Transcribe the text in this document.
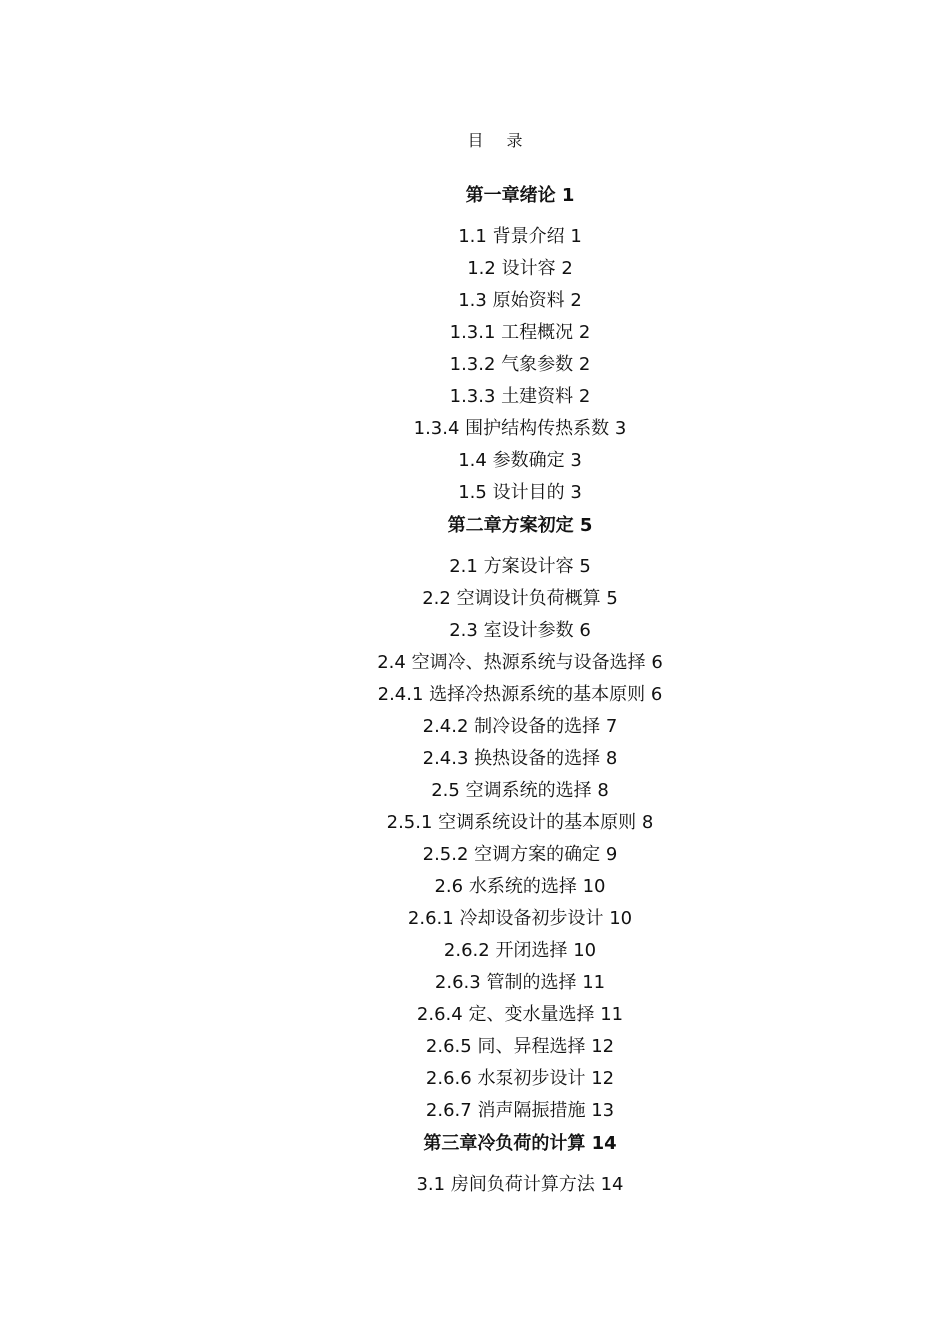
目 录
第一章绪论 1
1.1 背景介绍 1
1.2 设计容 2
1.3 原始资料 2
1.3.1 工程概况 2
1.3.2 气象参数 2
1.3.3 土建资料 2
1.3.4 围护结构传热系数 3
1.4 参数确定 3
1.5 设计目的 3
第二章方案初定 5
2.1 方案设计容 5
2.2 空调设计负荷概算 5
2.3 室设计参数 6
2.4 空调冷、热源系统与设备选择 6
2.4.1 选择冷热源系统的基本原则 6
2.4.2 制冷设备的选择 7
2.4.3 换热设备的选择 8
2.5 空调系统的选择 8
2.5.1 空调系统设计的基本原则 8
2.5.2 空调方案的确定 9
2.6 水系统的选择 10
2.6.1 冷却设备初步设计 10
2.6.2 开闭选择 10
2.6.3 管制的选择 11
2.6.4 定、变水量选择 11
2.6.5 同、异程选择 12
2.6.6 水泵初步设计 12
2.6.7 消声隔振措施 13
第三章冷负荷的计算 14
3.1 房间负荷计算方法 14
